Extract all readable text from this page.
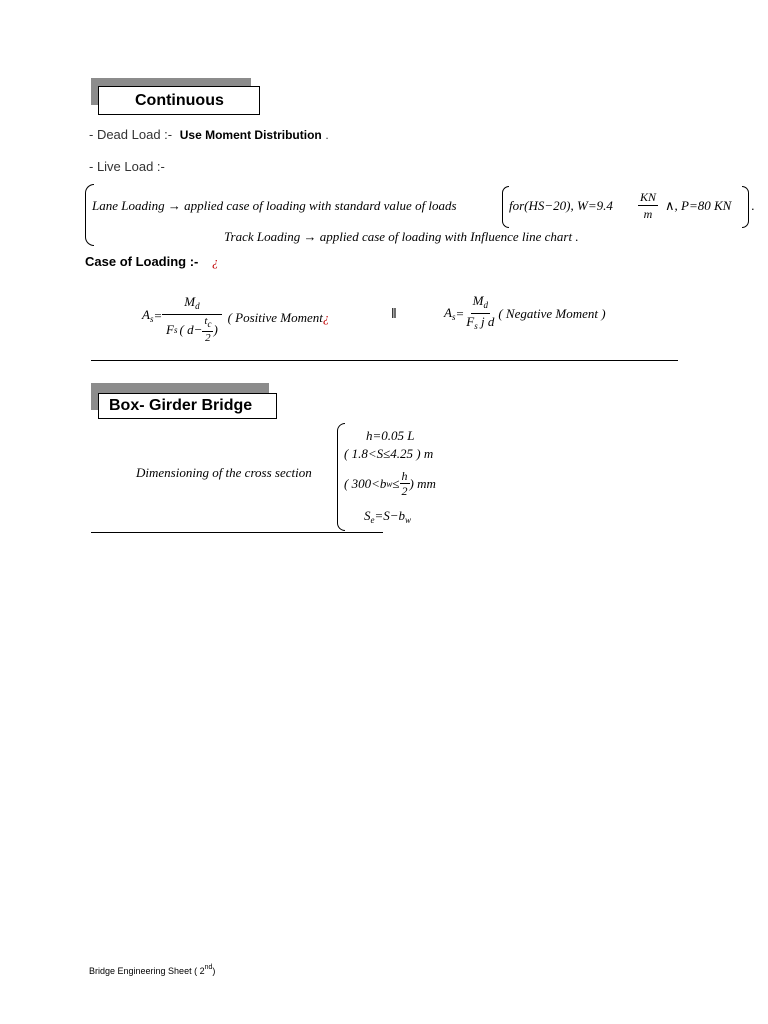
Continuous
- Dead Load :- Use Moment Distribution .
- Live Load :-
Lane Loading → applied case of loading with standard value of loads	for(HS−20), $W=9.4 \frac{KN}{m}$ ∧, P=80 KN .
Track Loading → applied case of loading with Influence line chart .
Case of Loading :- ¿
$A_s = \frac{M_d}{F s ( d- \frac{t_c}{2} )}$ ( Positive Moment ¿	‖	$A_s = \frac{M_d}{F_s j d}$ ( Negative Moment )
Box- Girder Bridge
Dimensioning of the cross section
h=0.05 L
( 1.8<S≤4.25 ) m
( 300<b $w \le \frac{h}{2}$ ) mm
$S_e=S-b_w$
Bridge Engineering Sheet ( 2nd)
